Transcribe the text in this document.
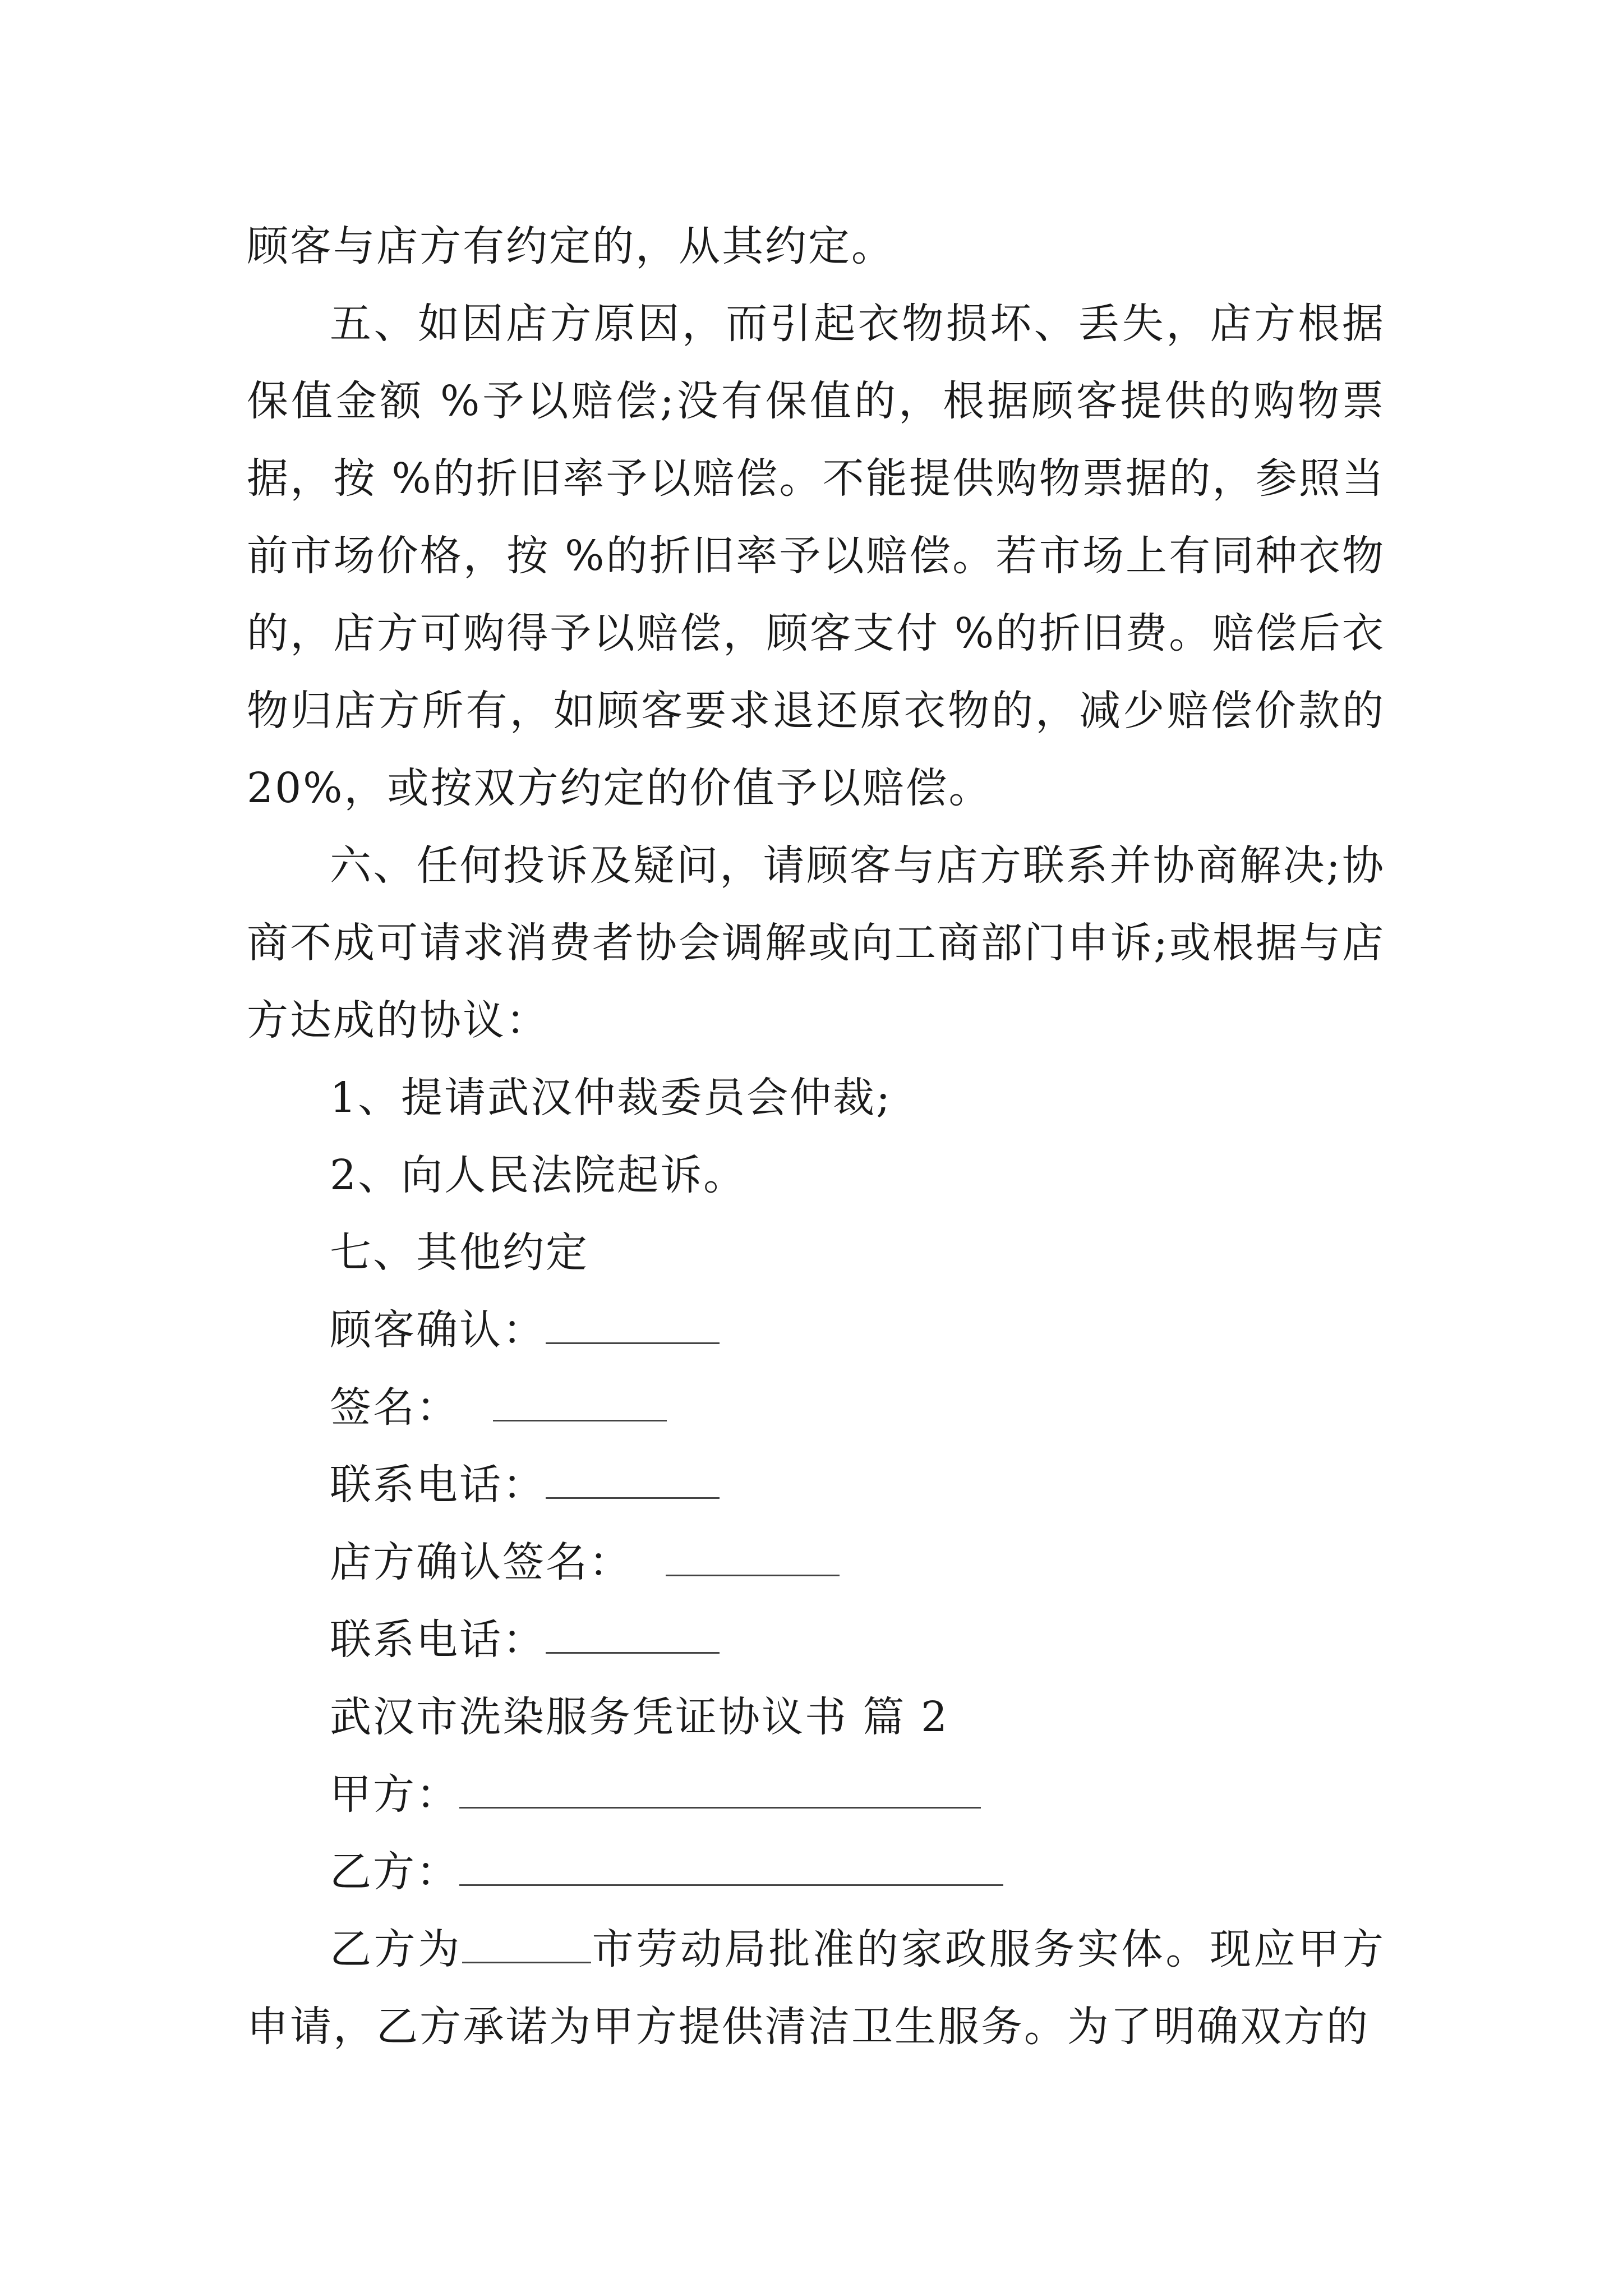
顾客与店方有约定的，从其约定。

五、如因店方原因，而引起衣物损坏、丢失，店方根据保值金额 %予以赔偿;没有保值的，根据顾客提供的购物票据，按 %的折旧率予以赔偿。不能提供购物票据的，参照当前市场价格，按 %的折旧率予以赔偿。若市场上有同种衣物的，店方可购得予以赔偿，顾客支付 %的折旧费。赔偿后衣物归店方所有，如顾客要求退还原衣物的，减少赔偿价款的20%，或按双方约定的价值予以赔偿。

六、任何投诉及疑问，请顾客与店方联系并协商解决;协商不成可请求消费者协会调解或向工商部门申诉;或根据与店方达成的协议：

1、提请武汉仲裁委员会仲裁;

2、向人民法院起诉。

七、其他约定

顾客确认：
签名：
联系电话：
店方确认签名：
联系电话：
武汉市洗染服务凭证协议书 篇 2
甲方：
乙方：

乙方为	市劳动局批准的家政服务实体。现应甲方申请，乙方承诺为甲方提供清洁卫生服务。为了明确双方的
